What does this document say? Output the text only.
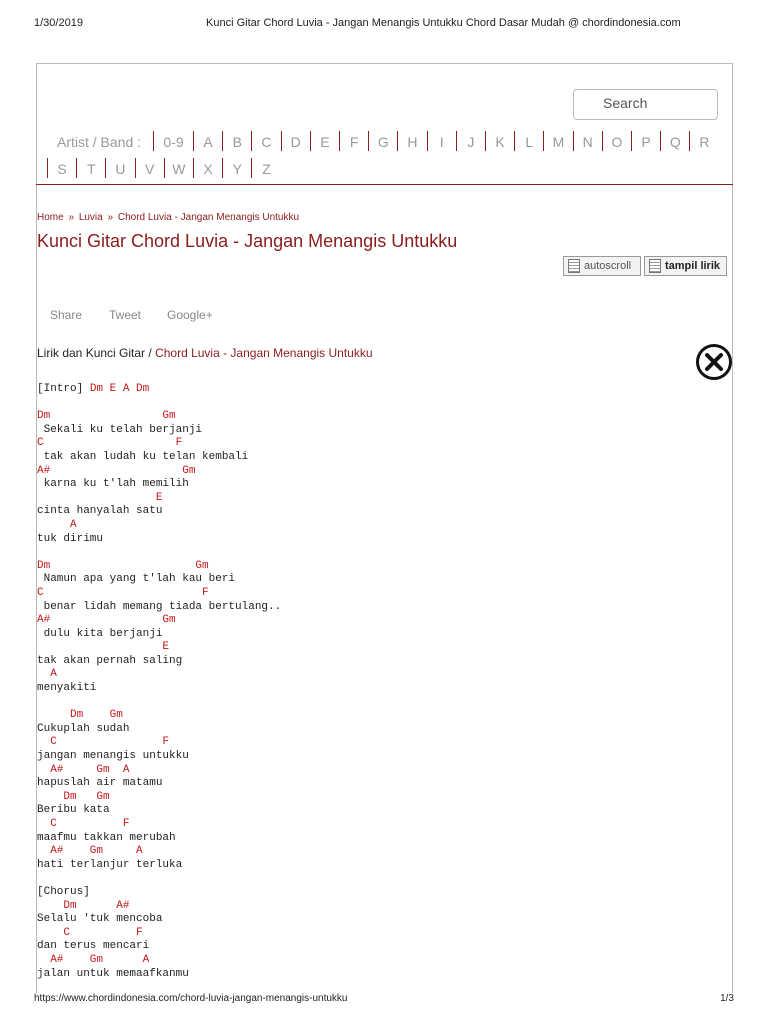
1/30/2019	Kunci Gitar Chord Luvia - Jangan Menangis Untukku Chord Dasar Mudah @ chordindonesia.com
Search
Artist / Band :	0-9	A	B	C	D	E	F	G	H	I	J	K	L	M	N	O	P	Q	R
S	T	U	V	W	X	Y	Z
Home » Luvia » Chord Luvia - Jangan Menangis Untukku
Kunci Gitar Chord Luvia - Jangan Menangis Untukku
autoscroll	tampil lirik
Share Tweet Google+
Lirik dan Kunci Gitar / Chord Luvia - Jangan Menangis Untukku
[Intro] Dm E A Dm
Dm                 Gm
Sekali ku telah berjanji
C                    F
tak akan ludah ku telan kembali
A#                    Gm
karna ku t'lah memilih
E
cinta hanyalah satu
A
tuk dirimu
Dm                      Gm
Namun apa yang t'lah kau beri
C                        F
benar lidah memang tiada bertulang..
A#                 Gm
dulu kita berjanji
E
tak akan pernah saling
A
menyakiti
Dm    Gm
Cukuplah sudah
C                F
jangan menangis untukku
A#     Gm  A
hapuslah air matamu
Dm   Gm
Beribu kata
C          F
maafmu takkan merubah
A#    Gm     A
hati terlanjur terluka
[Chorus]
Dm      A#
Selalu 'tuk mencoba
C          F
dan terus mencari
A#    Gm      A
jalan untuk memaafkanmu
https://www.chordindonesia.com/chord-luvia-jangan-menangis-untukku	1/3
